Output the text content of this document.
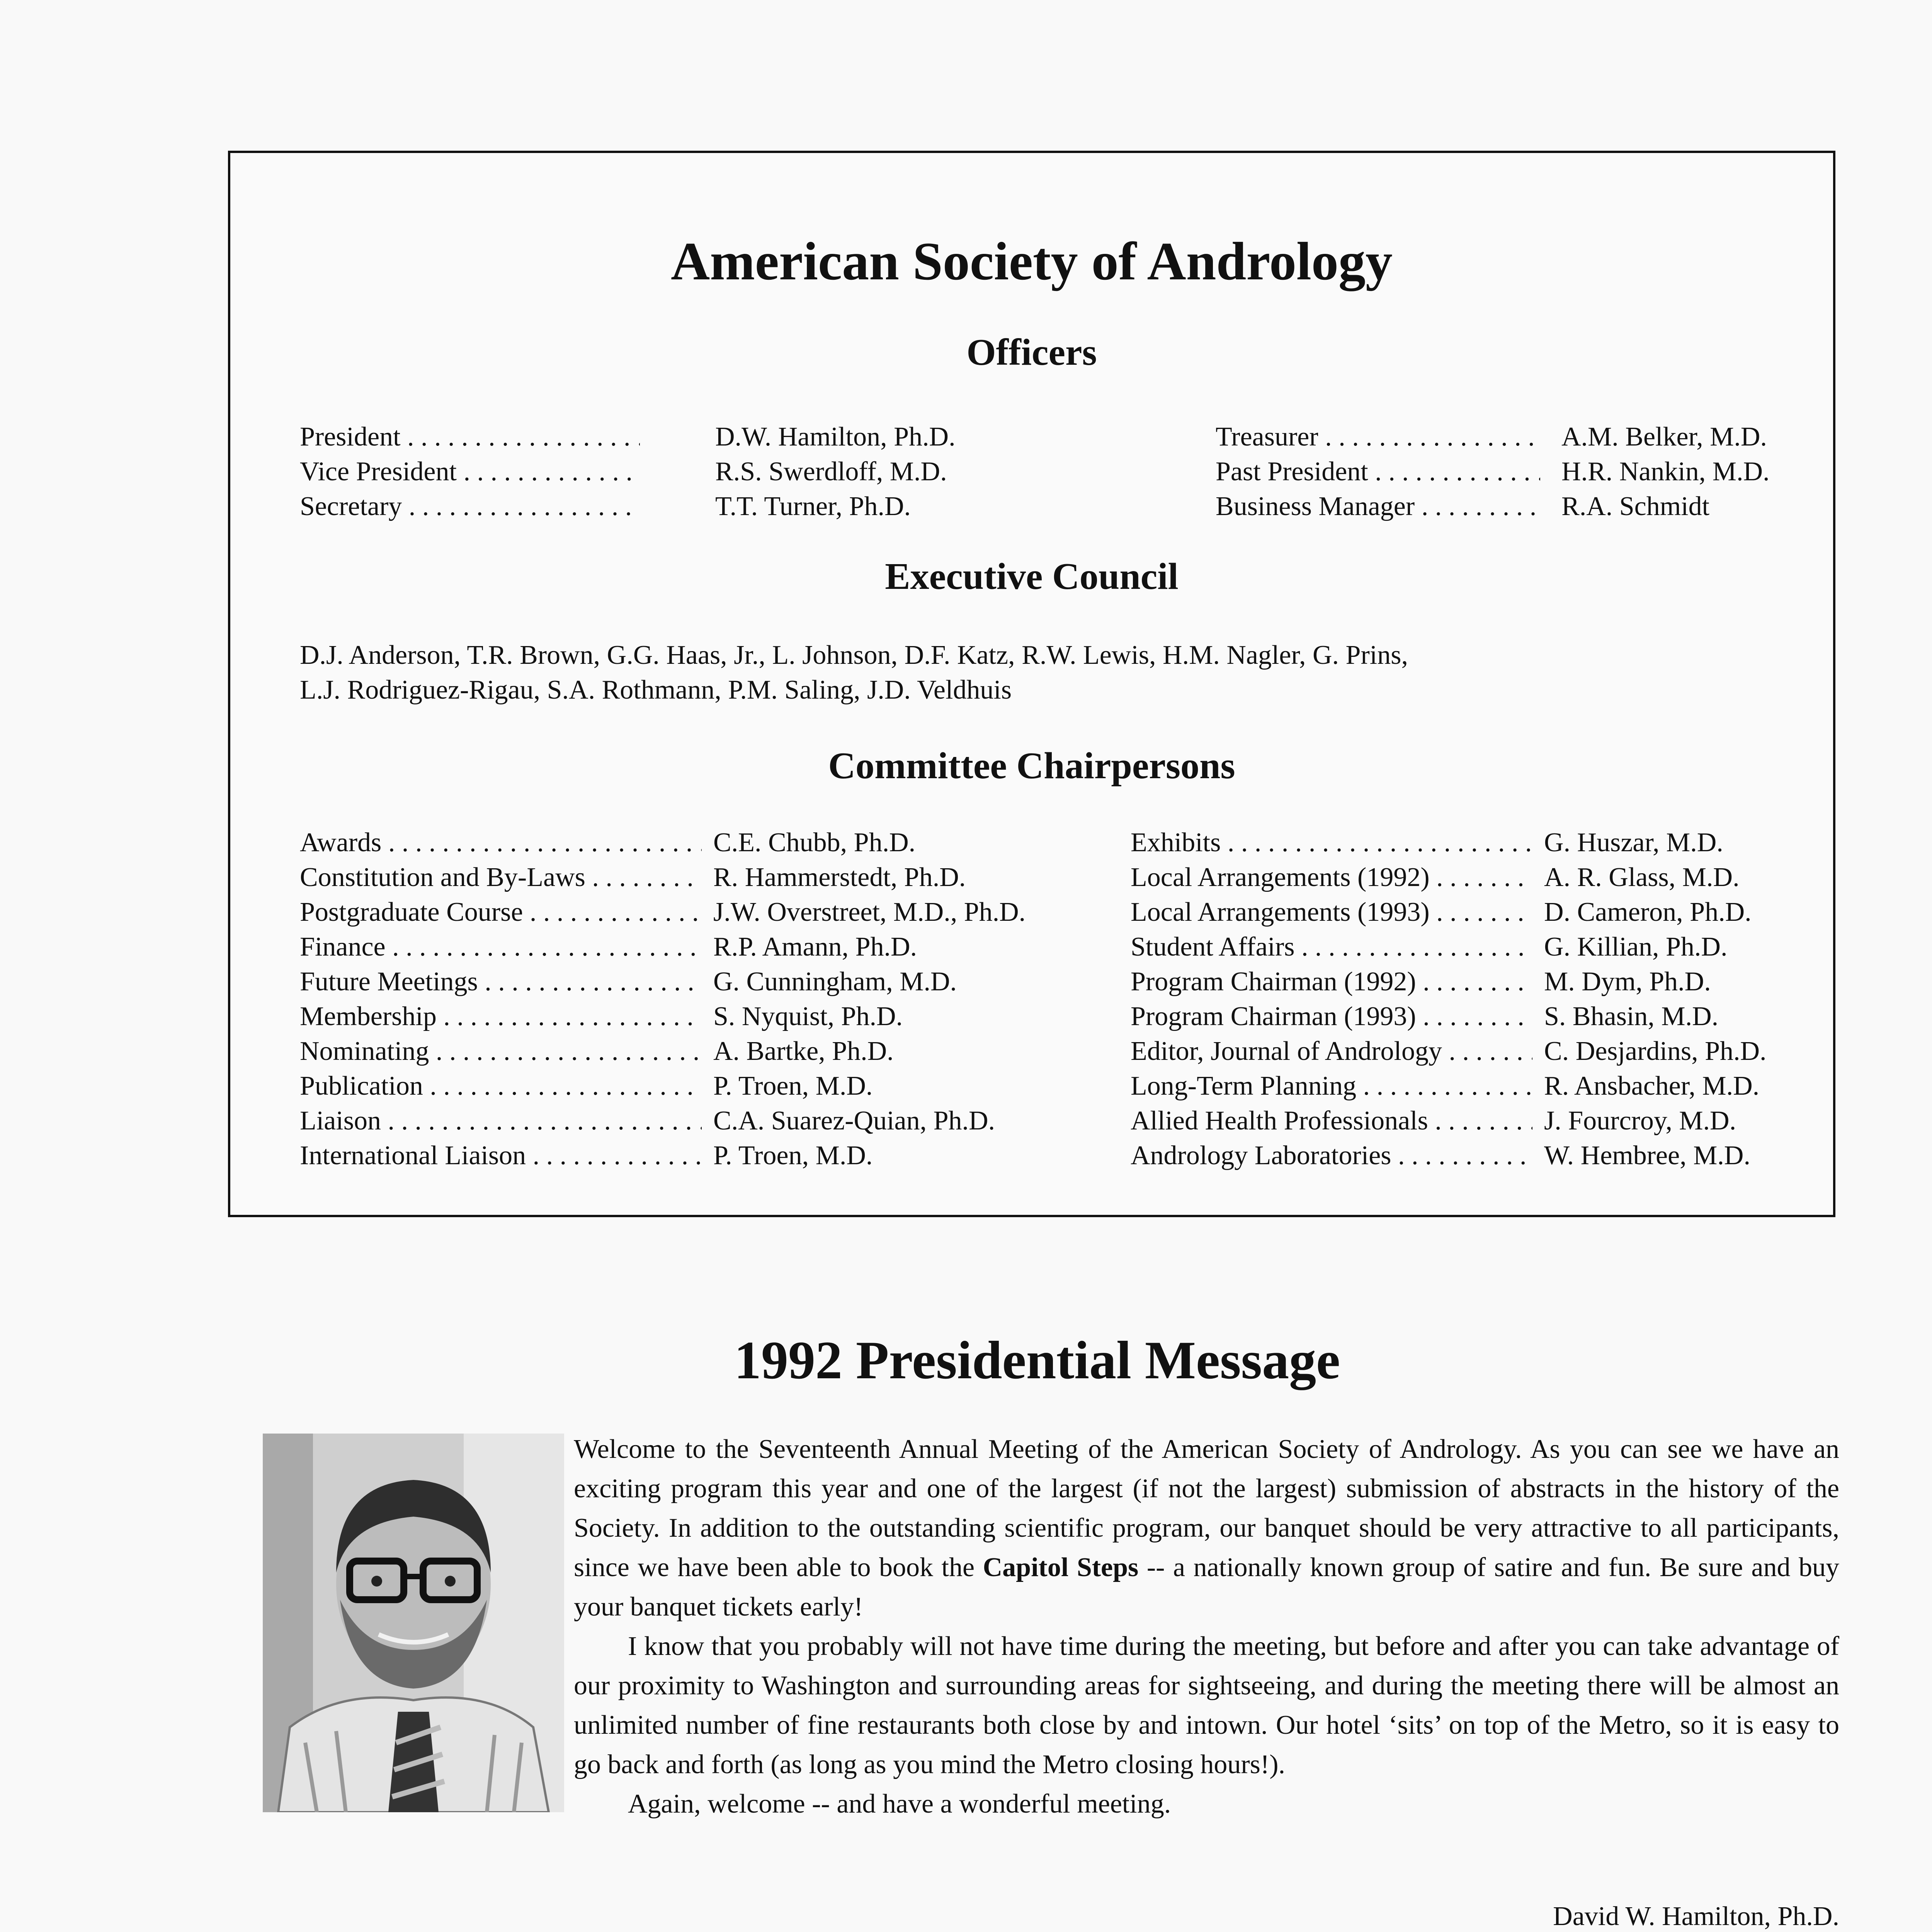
American Society of Andrology
Officers
President . . .	D.W. Hamilton, Ph.D.
Vice President . . .	R.S. Swerdloff, M.D.
Secretary . . .	T.T. Turner, Ph.D.
Treasurer . . .	A.M. Belker, M.D.
Past President . . .	H.R. Nankin, M.D.
Business Manager . . .	R.A. Schmidt
Executive Council
D.J. Anderson, T.R. Brown, G.G. Haas, Jr., L. Johnson, D.F. Katz, R.W. Lewis, H.M. Nagler, G. Prins,
L.J. Rodriguez-Rigau, S.A. Rothmann, P.M. Saling, J.D. Veldhuis
Committee Chairpersons
Awards . . .	C.E. Chubb, Ph.D.
Constitution and By-Laws . . .	R. Hammerstedt, Ph.D.
Postgraduate Course . . .	J.W. Overstreet, M.D., Ph.D.
Finance . . .	R.P. Amann, Ph.D.
Future Meetings . . .	G. Cunningham, M.D.
Membership . . .	S. Nyquist, Ph.D.
Nominating . . .	A. Bartke, Ph.D.
Publication . . .	P. Troen, M.D.
Liaison . . .	C.A. Suarez-Quian, Ph.D.
International Liaison . . .	P. Troen, M.D.
Exhibits . . .	G. Huszar, M.D.
Local Arrangements (1992) . . .	A. R. Glass, M.D.
Local Arrangements (1993) . . .	D. Cameron, Ph.D.
Student Affairs . . .	G. Killian, Ph.D.
Program Chairman (1992) . . .	M. Dym, Ph.D.
Program Chairman (1993) . . .	S. Bhasin, M.D.
Editor, Journal of Andrology . . .	C. Desjardins, Ph.D.
Long-Term Planning . . .	R. Ansbacher, M.D.
Allied Health Professionals . . .	J. Fourcroy, M.D.
Andrology Laboratories . . .	W. Hembree, M.D.
1992 Presidential Message

Welcome to the Seventeenth Annual Meeting of the American Society of Andrology. As you can see we have an exciting program this year and one of the largest (if not the largest) submission of abstracts in the history of the Society. In addition to the outstanding scientific program, our banquet should be very attractive to all participants, since we have been able to book the Capitol Steps -- a nationally known group of satire and fun. Be sure and buy your banquet tickets early!

I know that you probably will not have time during the meeting, but before and after you can take advantage of our proximity to Washington and surrounding areas for sightseeing, and during the meeting there will be almost an unlimited number of fine restaurants both close by and intown. Our hotel ‘sits’ on top of the Metro, so it is easy to go back and forth (as long as you mind the Metro closing hours!).

Again, welcome -- and have a wonderful meeting.

David W. Hamilton, Ph.D.
